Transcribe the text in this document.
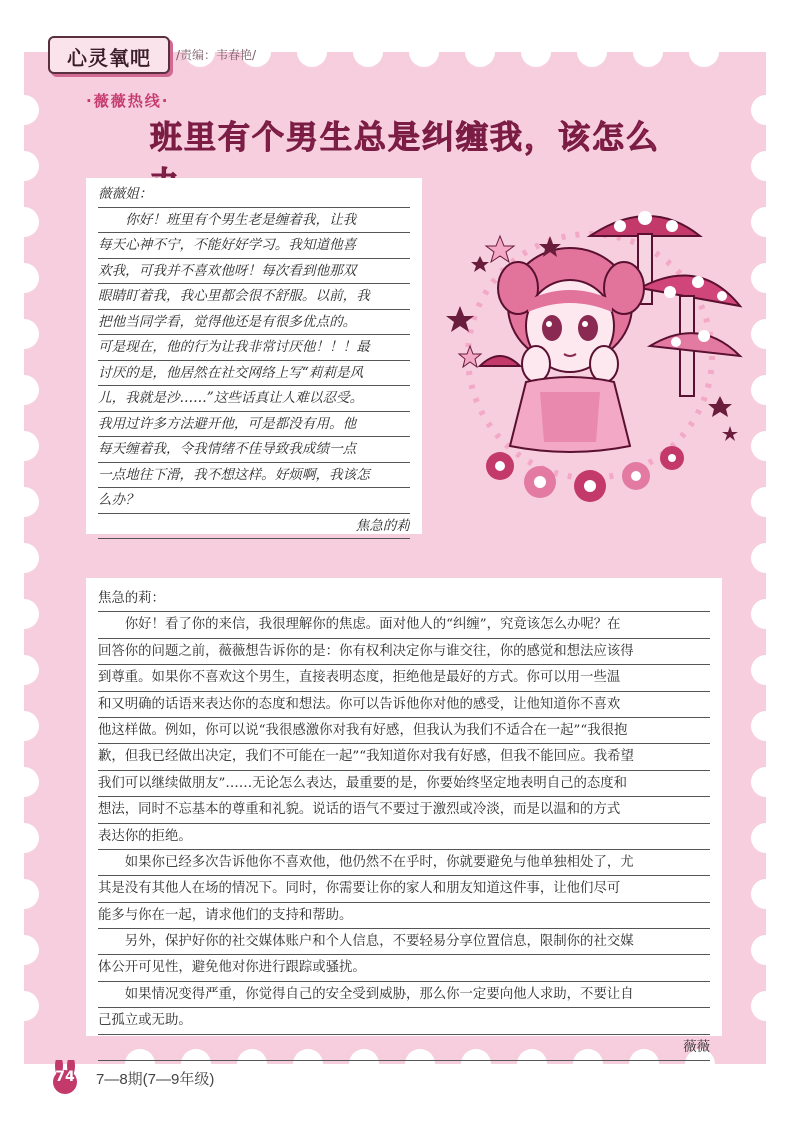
心灵氧吧	/责编：韦春艳/
·薇薇热线·
班里有个男生总是纠缠我，该怎么

薇薇姐：

　　你好！班里有个男生老是缠着我，让我

每天心神不宁，不能好好学习。我知道他喜

欢我，可我并不喜欢他呀！每次看到他那双

眼睛盯着我，我心里都会很不舒服。以前，我

把他当同学看，觉得他还是有很多优点的。

可是现在，他的行为让我非常讨厌他！！！最

讨厌的是，他居然在社交网络上写“莉莉是风

儿，我就是沙……”这些话真让人难以忍受。

我用过许多方法避开他，可是都没有用。他

每天缠着我，令我情绪不佳导致我成绩一点

一点地往下滑，我不想这样。好烦啊，我该怎

么办？

焦急的莉

焦急的莉：

　　你好！看了你的来信，我很理解你的焦虑。面对他人的“纠缠”，究竟该怎么办呢？在

回答你的问题之前，薇薇想告诉你的是：你有权利决定你与谁交往，你的感觉和想法应该得

到尊重。如果你不喜欢这个男生，直接表明态度，拒绝他是最好的方式。你可以用一些温

和又明确的话语来表达你的态度和想法。你可以告诉他你对他的感受，让他知道你不喜欢

他这样做。例如，你可以说“我很感激你对我有好感，但我认为我们不适合在一起”“我很抱

歉，但我已经做出决定，我们不可能在一起”“我知道你对我有好感，但我不能回应。我希望

我们可以继续做朋友”……无论怎么表达，最重要的是，你要始终坚定地表明自己的态度和

想法，同时不忘基本的尊重和礼貌。说话的语气不要过于激烈或冷淡，而是以温和的方式

表达你的拒绝。

　　如果你已经多次告诉他你不喜欢他，他仍然不在乎时，你就要避免与他单独相处了，尤

其是没有其他人在场的情况下。同时，你需要让你的家人和朋友知道这件事，让他们尽可

能多与你在一起，请求他们的支持和帮助。

　　另外，保护好你的社交媒体账户和个人信息，不要轻易分享位置信息，限制你的社交媒

体公开可见性，避免他对你进行跟踪或骚扰。

　　如果情况变得严重，你觉得自己的安全受到威胁，那么你一定要向他人求助，不要让自

己孤立或无助。

薇薇

74	7—8期(7—9年级)
